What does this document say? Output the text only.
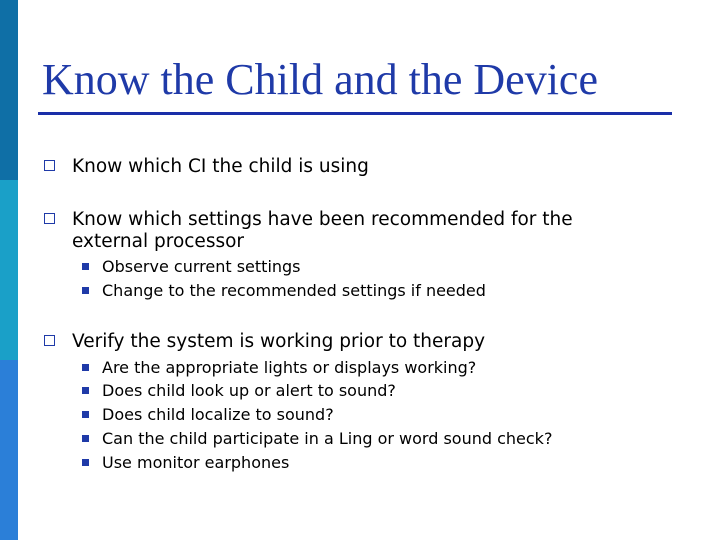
Know the Child and the Device
Know which CI the child is using
Know which settings have been recommended for the external processor
Observe current settings
Change to the recommended settings if needed
Verify the system is working prior to therapy
Are the appropriate lights or displays working?
Does child look up or alert to sound?
Does child localize to sound?
Can the child participate in a Ling or word sound check?
Use monitor earphones
